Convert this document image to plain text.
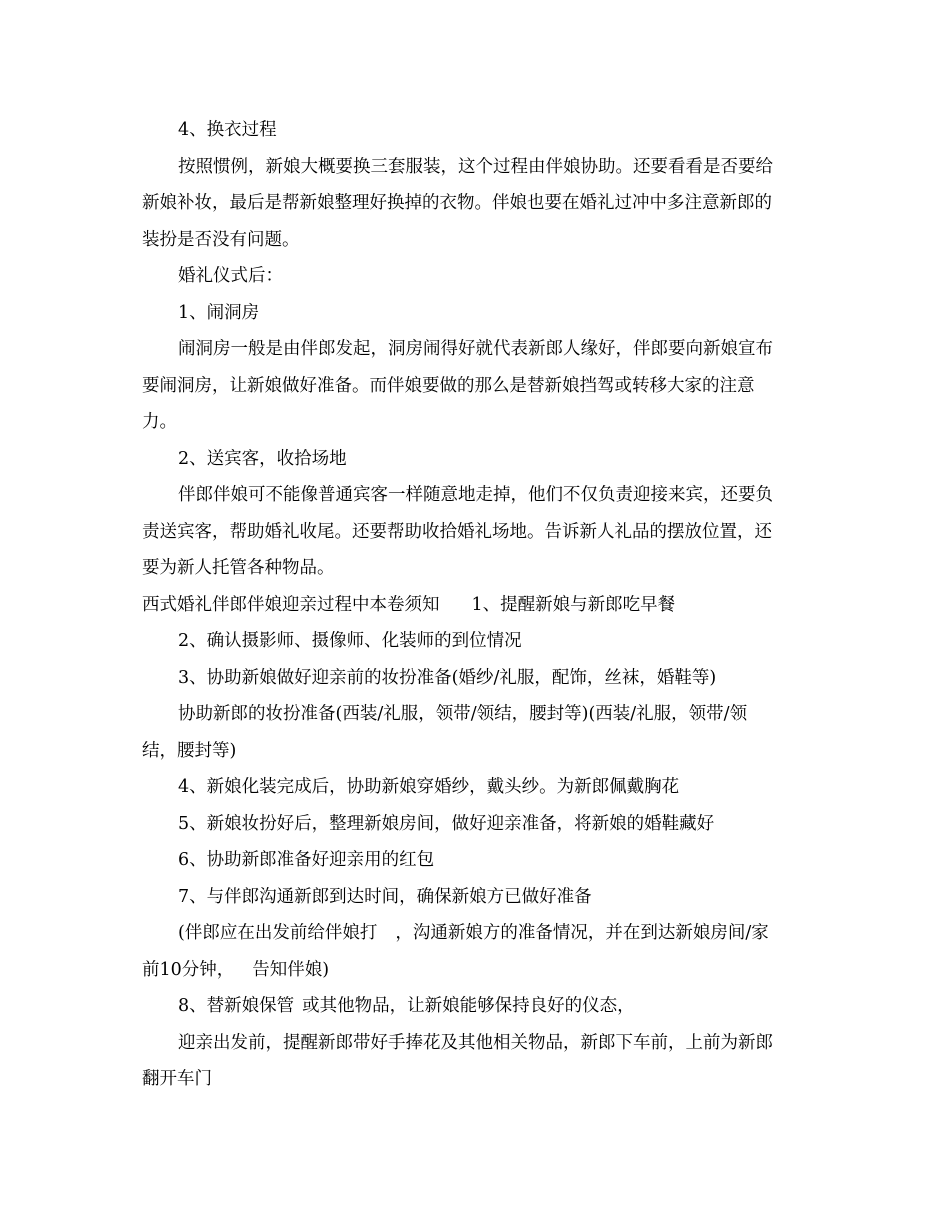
4、换衣过程
按照惯例，新娘大概要换三套服装，这个过程由伴娘协助。还要看看是否要给
新娘补妆，最后是帮新娘整理好换掉的衣物。伴娘也要在婚礼过冲中多注意新郎的
装扮是否没有问题。
婚礼仪式后：
1、闹洞房
闹洞房一般是由伴郎发起，洞房闹得好就代表新郎人缘好，伴郎要向新娘宣布
要闹洞房，让新娘做好准备。而伴娘要做的那么是替新娘挡驾或转移大家的注意
力。
2、送宾客，收拾场地
伴郎伴娘可不能像普通宾客一样随意地走掉，他们不仅负责迎接来宾，还要负
责送宾客，帮助婚礼收尾。还要帮助收拾婚礼场地。告诉新人礼品的摆放位置，还
要为新人托管各种物品。
西式婚礼伴郎伴娘迎亲过程中本卷须知 1、提醒新娘与新郎吃早餐
2、确认摄影师、摄像师、化装师的到位情况
3、协助新娘做好迎亲前的妆扮准备(婚纱/礼服，配饰，丝袜，婚鞋等)
协助新郎的妆扮准备(西装/礼服，领带/领结，腰封等)(西装/礼服，领带/领
结，腰封等)
4、新娘化装完成后，协助新娘穿婚纱，戴头纱。为新郎佩戴胸花
5、新娘妆扮好后，整理新娘房间，做好迎亲准备，将新娘的婚鞋藏好
6、协助新郎准备好迎亲用的红包
7、与伴郎沟通新郎到达时间，确保新娘方已做好准备
(伴郎应在出发前给伴娘打 ，沟通新娘方的准备情况，并在到达新娘房间/家
前10分钟， 告知伴娘)
8、替新娘保管 或其他物品，让新娘能够保持良好的仪态，
迎亲出发前，提醒新郎带好手捧花及其他相关物品，新郎下车前，上前为新郎
翻开车门
